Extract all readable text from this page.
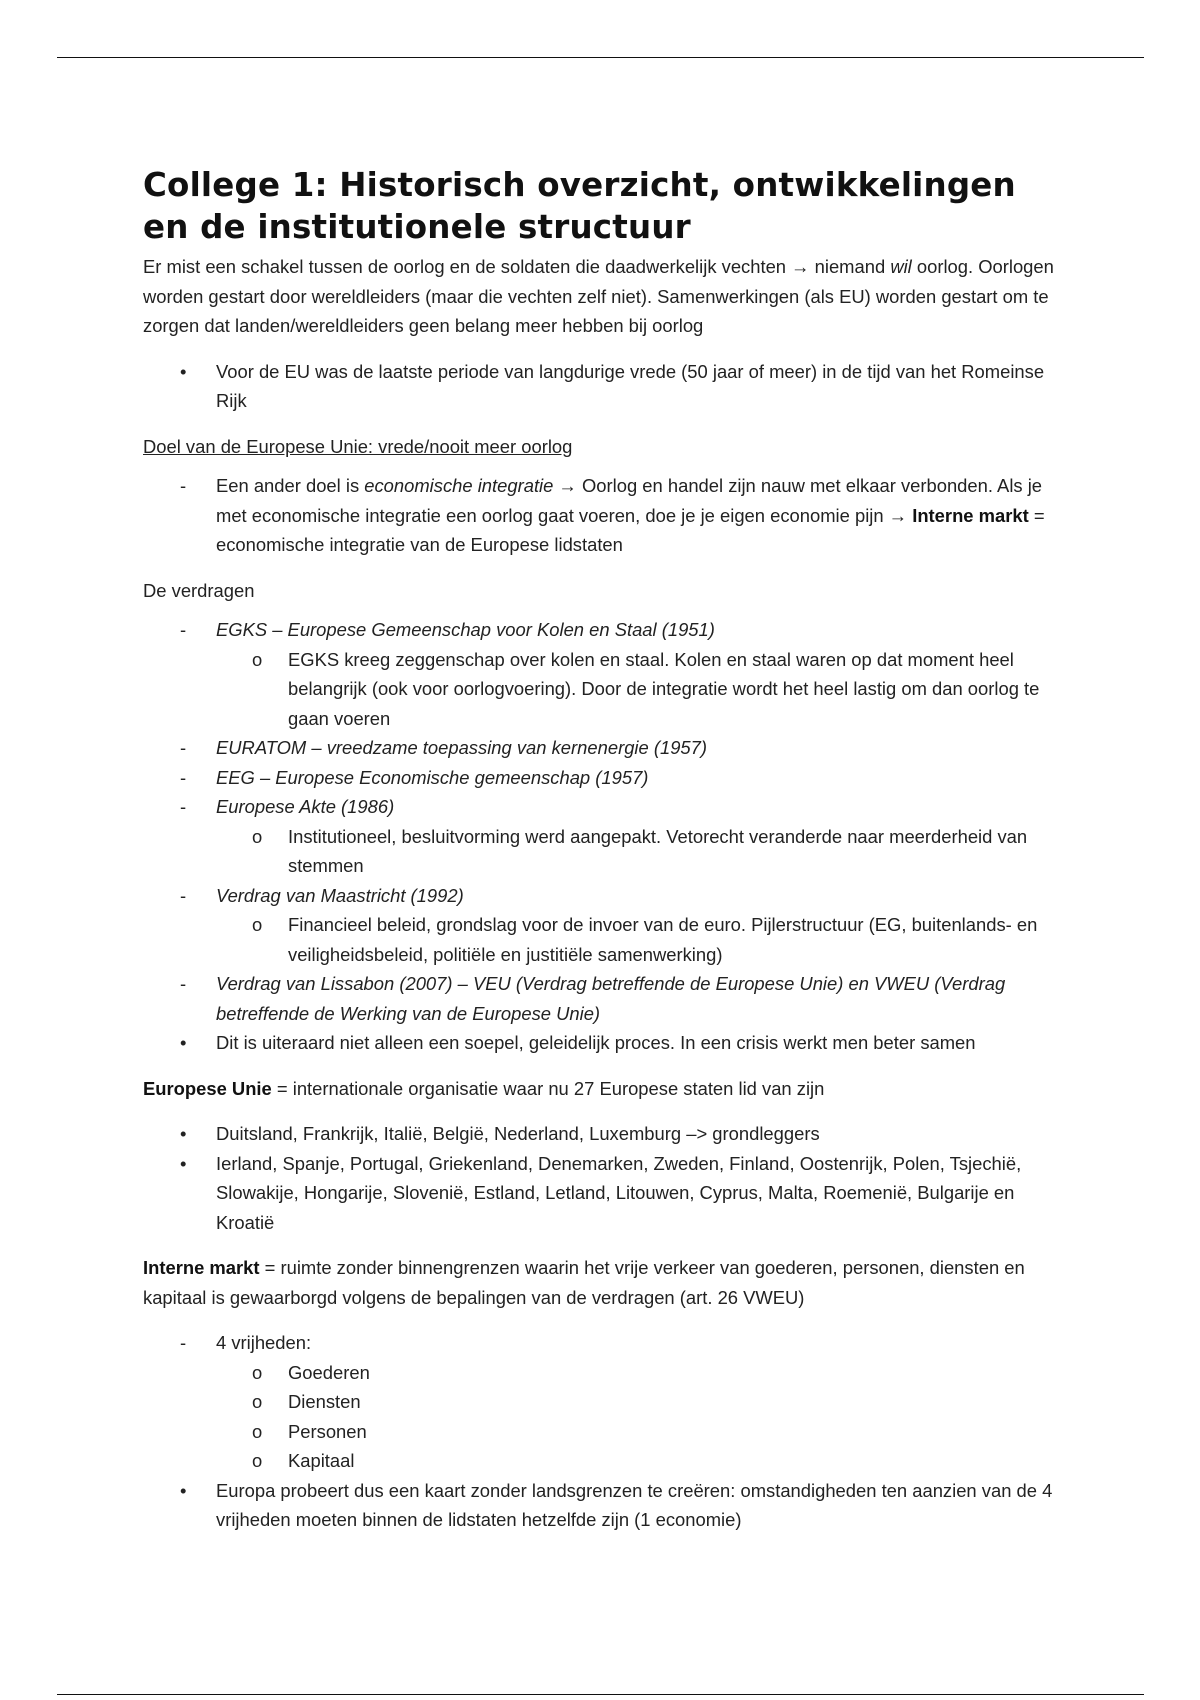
College 1: Historisch overzicht, ontwikkelingen en de institutionele structuur

Er mist een schakel tussen de oorlog en de soldaten die daadwerkelijk vechten → niemand wil oorlog. Oorlogen worden gestart door wereldleiders (maar die vechten zelf niet). Samenwerkingen (als EU) worden gestart om te zorgen dat landen/wereldleiders geen belang meer hebben bij oorlog

•	Voor de EU was de laatste periode van langdurige vrede (50 jaar of meer) in de tijd van het Romeinse Rijk

Doel van de Europese Unie: vrede/nooit meer oorlog

-	Een ander doel is economische integratie → Oorlog en handel zijn nauw met elkaar verbonden. Als je met economische integratie een oorlog gaat voeren, doe je je eigen economie pijn → Interne markt = economische integratie van de Europese lidstaten

De verdragen

-	EGKS – Europese Gemeenschap voor Kolen en Staal (1951)
o	EGKS kreeg zeggenschap over kolen en staal. Kolen en staal waren op dat moment heel belangrijk (ook voor oorlogvoering). Door de integratie wordt het heel lastig om dan oorlog te gaan voeren
-	EURATOM – vreedzame toepassing van kernenergie (1957)
-	EEG – Europese Economische gemeenschap (1957)
-	Europese Akte (1986)
o	Institutioneel, besluitvorming werd aangepakt. Vetorecht veranderde naar meerderheid van stemmen
-	Verdrag van Maastricht (1992)
o	Financieel beleid, grondslag voor de invoer van de euro. Pijlerstructuur (EG, buitenlands- en veiligheidsbeleid, politiële en justitiële samenwerking)
-	Verdrag van Lissabon (2007) – VEU (Verdrag betreffende de Europese Unie) en VWEU (Verdrag betreffende de Werking van de Europese Unie)
•	Dit is uiteraard niet alleen een soepel, geleidelijk proces. In een crisis werkt men beter samen

Europese Unie = internationale organisatie waar nu 27 Europese staten lid van zijn

•	Duitsland, Frankrijk, Italië, België, Nederland, Luxemburg –> grondleggers
•	Ierland, Spanje, Portugal, Griekenland, Denemarken, Zweden, Finland, Oostenrijk, Polen, Tsjechië, Slowakije, Hongarije, Slovenië, Estland, Letland, Litouwen, Cyprus, Malta, Roemenië, Bulgarije en Kroatië

Interne markt = ruimte zonder binnengrenzen waarin het vrije verkeer van goederen, personen, diensten en kapitaal is gewaarborgd volgens de bepalingen van de verdragen (art. 26 VWEU)

-	4 vrijheden:
o	Goederen
o	Diensten
o	Personen
o	Kapitaal
•	Europa probeert dus een kaart zonder landsgrenzen te creëren: omstandigheden ten aanzien van de 4 vrijheden moeten binnen de lidstaten hetzelfde zijn (1 economie)
